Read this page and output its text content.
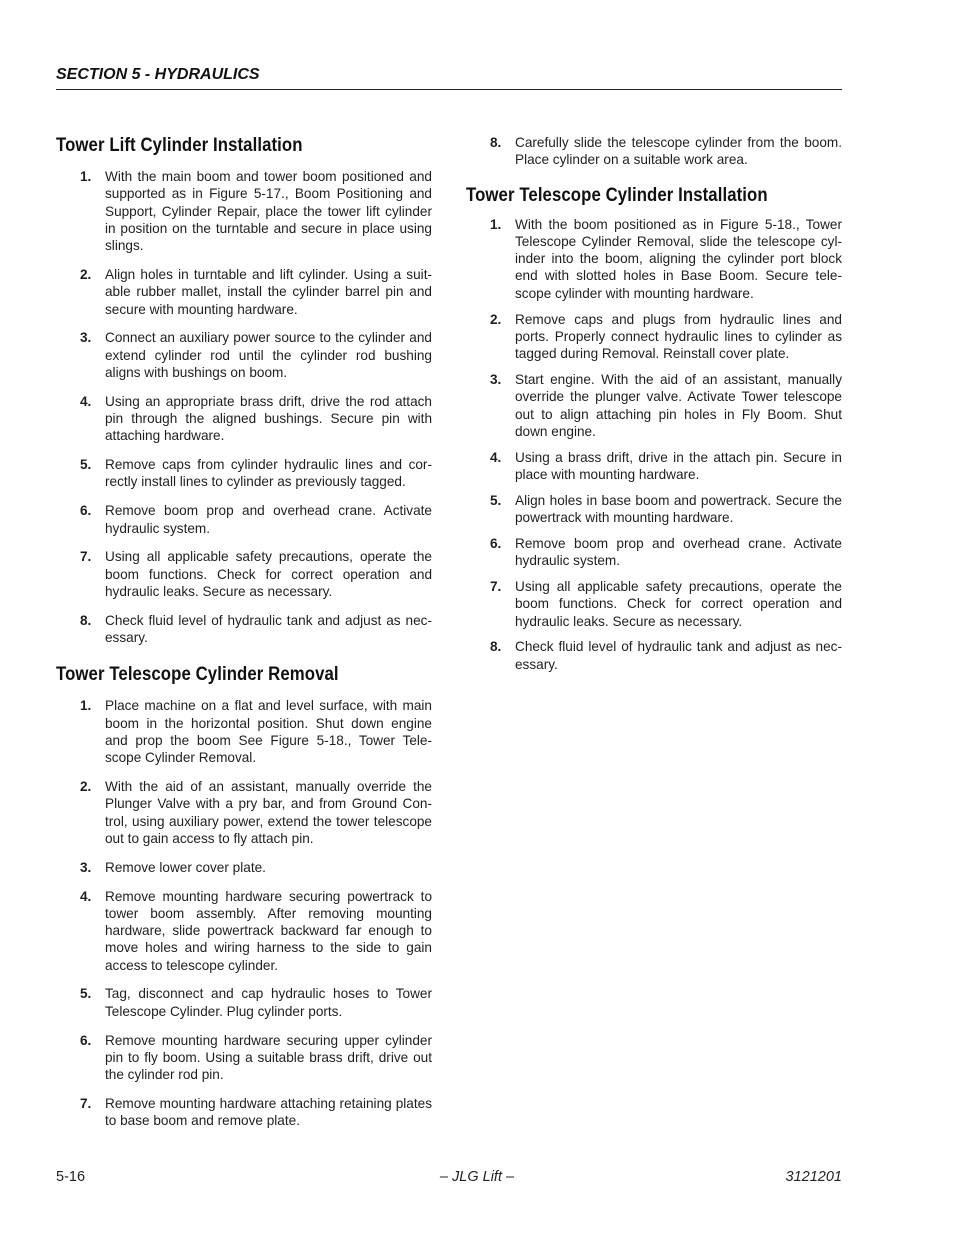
SECTION 5 - HYDRAULICS
Tower Lift Cylinder Installation
1.	With the main boom and tower boom positioned and supported as in Figure 5-17., Boom Positioning and Support, Cylinder Repair, place the tower lift cylinder in position on the turntable and secure in place using slings.
2.	Align holes in turntable and lift cylinder. Using a suitable rubber mallet, install the cylinder barrel pin and secure with mounting hardware.
3.	Connect an auxiliary power source to the cylinder and extend cylinder rod until the cylinder rod bushing aligns with bushings on boom.
4.	Using an appropriate brass drift, drive the rod attach pin through the aligned bushings. Secure pin with attaching hardware.
5.	Remove caps from cylinder hydraulic lines and correctly install lines to cylinder as previously tagged.
6.	Remove boom prop and overhead crane. Activate hydraulic system.
7.	Using all applicable safety precautions, operate the boom functions. Check for correct operation and hydraulic leaks. Secure as necessary.
8.	Check fluid level of hydraulic tank and adjust as necessary.
Tower Telescope Cylinder Removal
1.	Place machine on a flat and level surface, with main boom in the horizontal position. Shut down engine and prop the boom See Figure 5-18., Tower Telescope Cylinder Removal.
2.	With the aid of an assistant, manually override the Plunger Valve with a pry bar, and from Ground Control, using auxiliary power, extend the tower telescope out to gain access to fly attach pin.
3.	Remove lower cover plate.
4.	Remove mounting hardware securing powertrack to tower boom assembly. After removing mounting hardware, slide powertrack backward far enough to move holes and wiring harness to the side to gain access to telescope cylinder.
5.	Tag, disconnect and cap hydraulic hoses to Tower Telescope Cylinder. Plug cylinder ports.
6.	Remove mounting hardware securing upper cylinder pin to fly boom. Using a suitable brass drift, drive out the cylinder rod pin.
7.	Remove mounting hardware attaching retaining plates to base boom and remove plate.
8.	Carefully slide the telescope cylinder from the boom. Place cylinder on a suitable work area.
Tower Telescope Cylinder Installation
1.	With the boom positioned as in Figure 5-18., Tower Telescope Cylinder Removal, slide the telescope cylinder into the boom, aligning the cylinder port block end with slotted holes in Base Boom. Secure telescope cylinder with mounting hardware.
2.	Remove caps and plugs from hydraulic lines and ports. Properly connect hydraulic lines to cylinder as tagged during Removal. Reinstall cover plate.
3.	Start engine. With the aid of an assistant, manually override the plunger valve. Activate Tower telescope out to align attaching pin holes in Fly Boom. Shut down engine.
4.	Using a brass drift, drive in the attach pin. Secure in place with mounting hardware.
5.	Align holes in base boom and powertrack. Secure the powertrack with mounting hardware.
6.	Remove boom prop and overhead crane. Activate hydraulic system.
7.	Using all applicable safety precautions, operate the boom functions. Check for correct operation and hydraulic leaks. Secure as necessary.
8.	Check fluid level of hydraulic tank and adjust as necessary.
5-16	– JLG Lift –	3121201
